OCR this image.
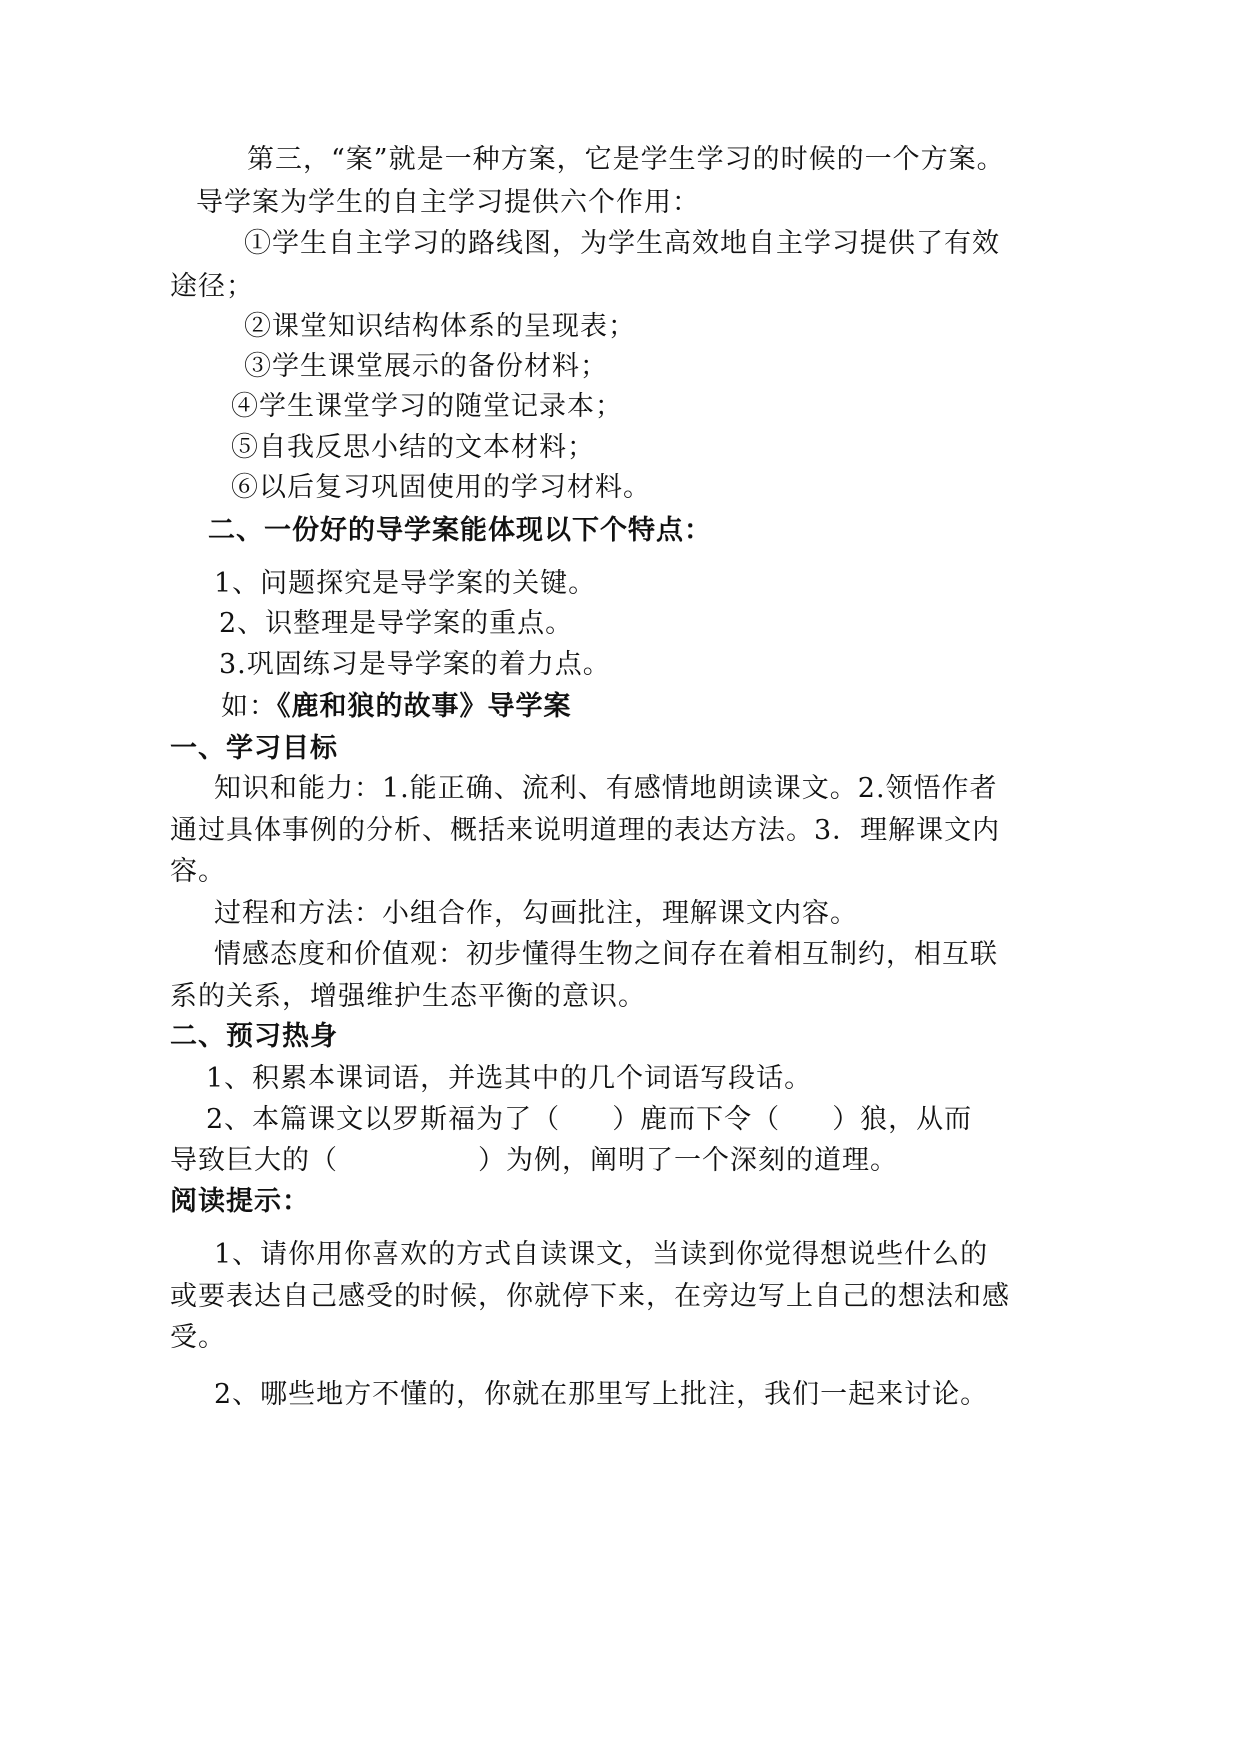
第三，“案”就是一种方案，它是学生学习的时候的一个方案。
导学案为学生的自主学习提供六个作用：
①学生自主学习的路线图，为学生高效地自主学习提供了有效
途径；
②课堂知识结构体系的呈现表；
③学生课堂展示的备份材料；
④学生课堂学习的随堂记录本；
⑤自我反思小结的文本材料；
⑥以后复习巩固使用的学习材料。
二、一份好的导学案能体现以下个特点：
1、问题探究是导学案的关键。
2、识整理是导学案的重点。
3.巩固练习是导学案的着力点。
如：《鹿和狼的故事》导学案
一、学习目标
知识和能力：1.能正确、流利、有感情地朗读课文。2.领悟作者
通过具体事例的分析、概括来说明道理的表达方法。3．理解课文内
容。
过程和方法：小组合作，勾画批注，理解课文内容。
情感态度和价值观：初步懂得生物之间存在着相互制约，相互联
系的关系，增强维护生态平衡的意识。
二、预习热身
1、积累本课词语，并选其中的几个词语写段话。
2、本篇课文以罗斯福为了（ ）鹿而下令（ ）狼，从而
导致巨大的（	）为例，阐明了一个深刻的道理。
阅读提示：
1、请你用你喜欢的方式自读课文，当读到你觉得想说些什么的
或要表达自己感受的时候，你就停下来，在旁边写上自己的想法和感
受。
2、哪些地方不懂的，你就在那里写上批注，我们一起来讨论。
